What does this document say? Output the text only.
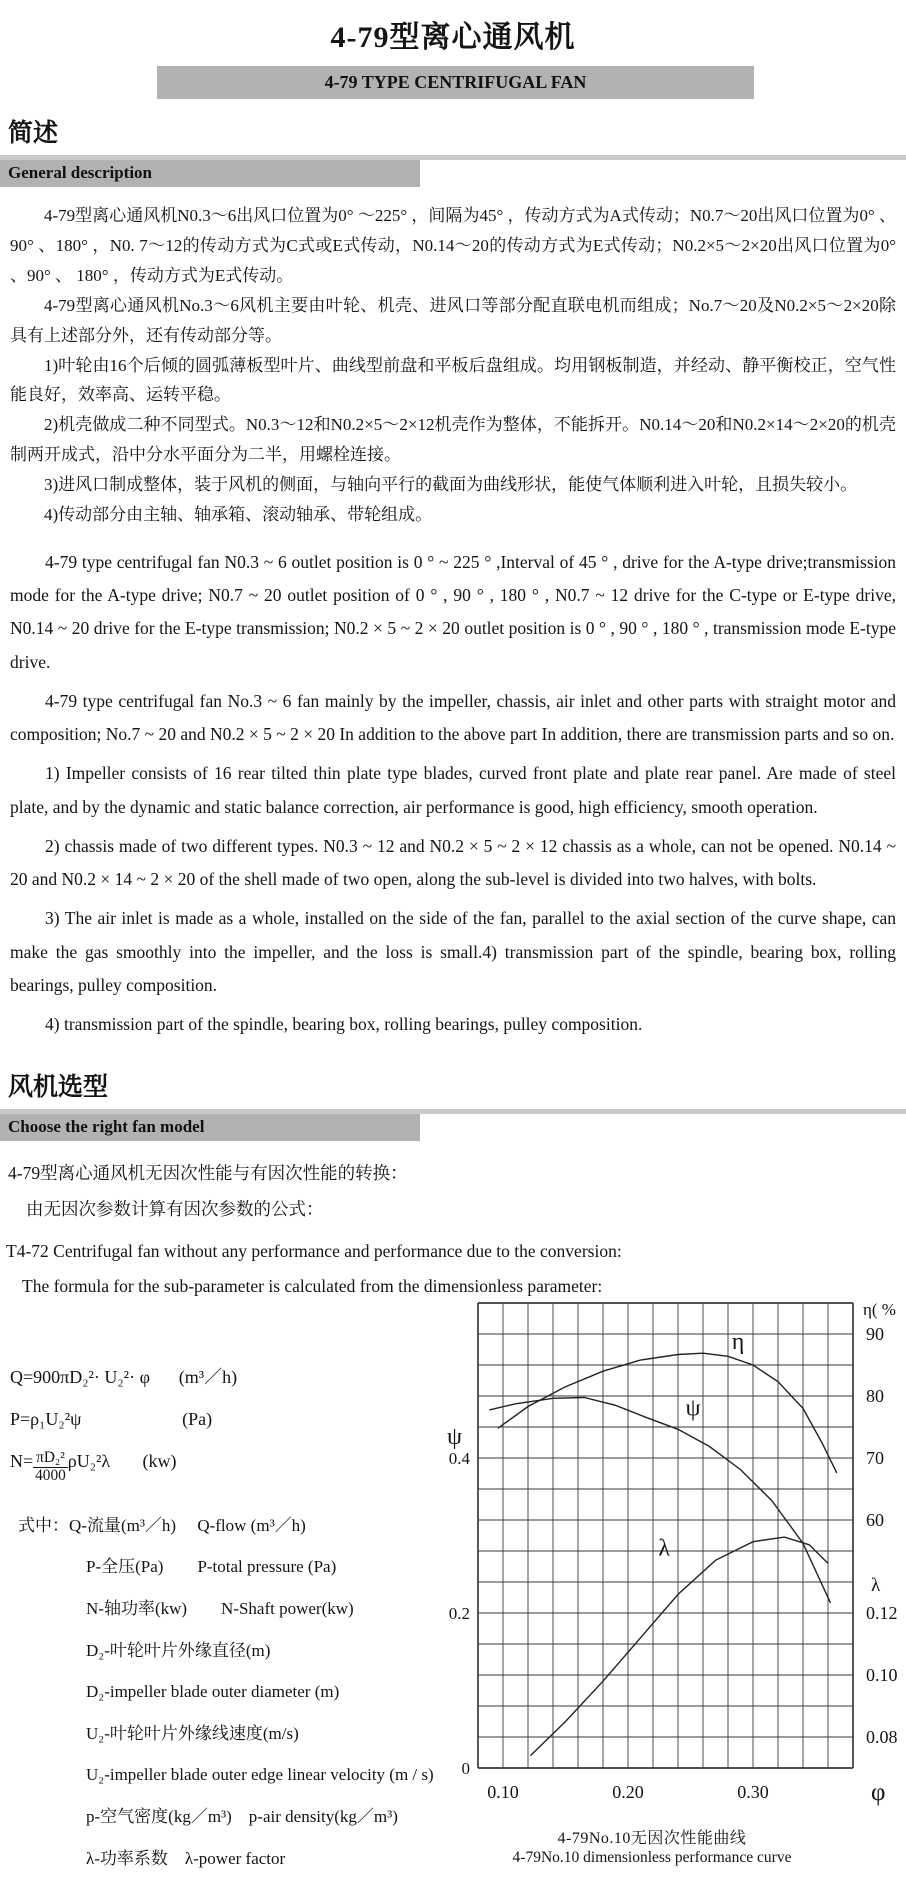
4-79型离心通风机
4-79 TYPE CENTRIFUGAL FAN
简述
General description

4-79型离心通风机N0.3～6出风口位置为0° ～225° ，间隔为45° ，传动方式为A式传动；N0.7～20出风口位置为0° 、90° 、180° ，N0. 7～12的传动方式为C式或E式传动，N0.14～20的传动方式为E式传动；N0.2×5～2×20出风口位置为0° 、90° 、 180° ，传动方式为E式传动。

4-79型离心通风机No.3～6风机主要由叶轮、机壳、进风口等部分配直联电机而组成；No.7～20及N0.2×5～2×20除具有上述部分外，还有传动部分等。

1)叶轮由16个后倾的圆弧薄板型叶片、曲线型前盘和平板后盘组成。均用钢板制造，并经动、静平衡校正，空气性能良好，效率高、运转平稳。

2)机壳做成二种不同型式。N0.3～12和N0.2×5～2×12机壳作为整体，不能拆开。N0.14～20和N0.2×14～2×20的机壳制两开成式，沿中分水平面分为二半，用螺栓连接。

3)进风口制成整体，装于风机的侧面，与轴向平行的截面为曲线形状，能使气体顺利进入叶轮，且损失较小。

4)传动部分由主轴、轴承箱、滚动轴承、带轮组成。

4-79 type centrifugal fan N0.3 ~ 6 outlet position is 0 ° ~ 225 ° ,Interval of 45 ° , drive for the A-type drive;transmission mode for the A-type drive; N0.7 ~ 20 outlet position of 0 ° , 90 ° , 180 ° , N0.7 ~ 12 drive for the C-type or E-type drive, N0.14 ~ 20 drive for the E-type transmission; N0.2 × 5 ~ 2 × 20 outlet position is 0 ° , 90 ° , 180 ° , transmission mode E-type drive.

4-79 type centrifugal fan No.3 ~ 6 fan mainly by the impeller, chassis, air inlet and other parts with straight motor and composition; No.7 ~ 20 and N0.2 × 5 ~ 2 × 20 In addition to the above part In addition, there are transmission parts and so on.

1) Impeller consists of 16 rear tilted thin plate type blades, curved front plate and plate rear panel. Are made of steel plate, and by the dynamic and static balance correction, air performance is good, high efficiency, smooth operation.

2) chassis made of two different types. N0.3 ~ 12 and N0.2 × 5 ~ 2 × 12 chassis as a whole, can not be opened. N0.14 ~ 20 and N0.2 × 14 ~ 2 × 20 of the shell made of two open, along the sub-level is divided into two halves, with bolts.

3) The air inlet is made as a whole, installed on the side of the fan, parallel to the axial section of the curve shape, can make the gas smoothly into the impeller, and the loss is small.4) transmission part of the spindle, bearing box, rolling bearings, pulley composition.

4) transmission part of the spindle, bearing box, rolling bearings, pulley composition.

风机选型
Choose the right fan model

4-79型离心通风机无因次性能与有因次性能的转换：

由无因次参数计算有因次参数的公式：

T4-72 Centrifugal fan without any performance and performance due to the conversion:

The formula for the sub-parameter is calculated from the dimensionless parameter:

Q=900πD₂²· U₂²· φ (m³／h)
P=ρ₁U₂²ψ	(Pa)
$N= \frac{\text{πD₂²}}{4000} \rho U_2^2\lambda$ (kw)
式中：Q-流量(m³／h)　 Q-flow (m³／h)
P-全压(Pa)　　P-total pressure (Pa)
N-轴功率(kw)　　N-Shaft power(kw)
D₂-叶轮叶片外缘直径(m)
D₂-impeller blade outer diameter (m)
U₂-叶轮叶片外缘线速度(m/s)
U₂-impeller blade outer edge linear velocity (m / s)
p-空气密度(kg／m³)　p-air density(kg／m³)
λ-功率系数　λ-power factor
η
ψ
λ
ψ
0.4
0.2
0
η( %
90
80
70
60
λ
0.12
0.10
0.08
0.10	0.20	0.30	φ
4-79No.10无因次性能曲线
4-79No.10 dimensionless performance curve
